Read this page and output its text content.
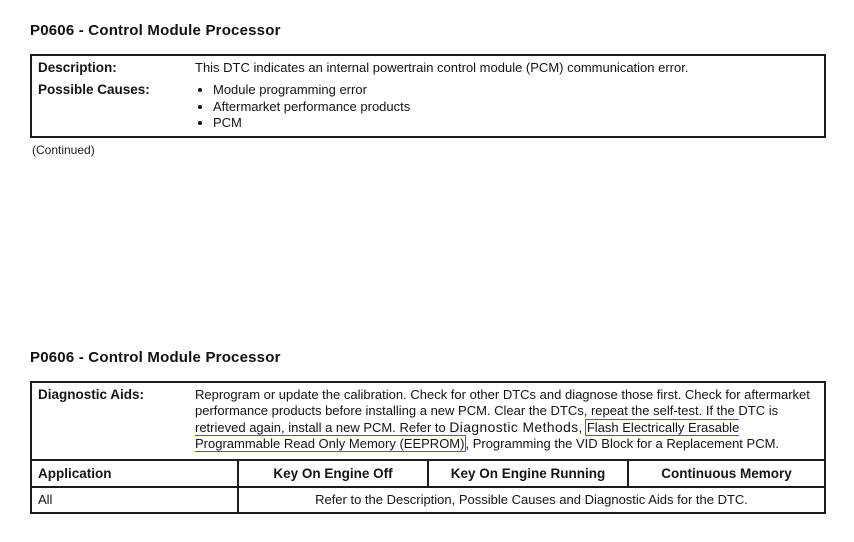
P0606 - Control Module Processor
Description:	This DTC indicates an internal powertrain control module (PCM) communication error.
Possible Causes:	• Module programming error
• Aftermarket performance products
• PCM
(Continued)
P0606 - Control Module Processor
Diagnostic Aids:	Reprogram or update the calibration. Check for other DTCs and diagnose those first. Check for aftermarket performance products before installing a new PCM. Clear the DTCs, repeat the self-test. If the DTC is retrieved again, install a new PCM. Refer to Diagnostic Methods, Flash Electrically Erasable Programmable Read Only Memory (EEPROM), Programming the VID Block for a Replacement PCM.

Application	Key On Engine Off	Key On Engine Running	Continuous Memory
All	Refer to the Description, Possible Causes and Diagnostic Aids for the DTC.
